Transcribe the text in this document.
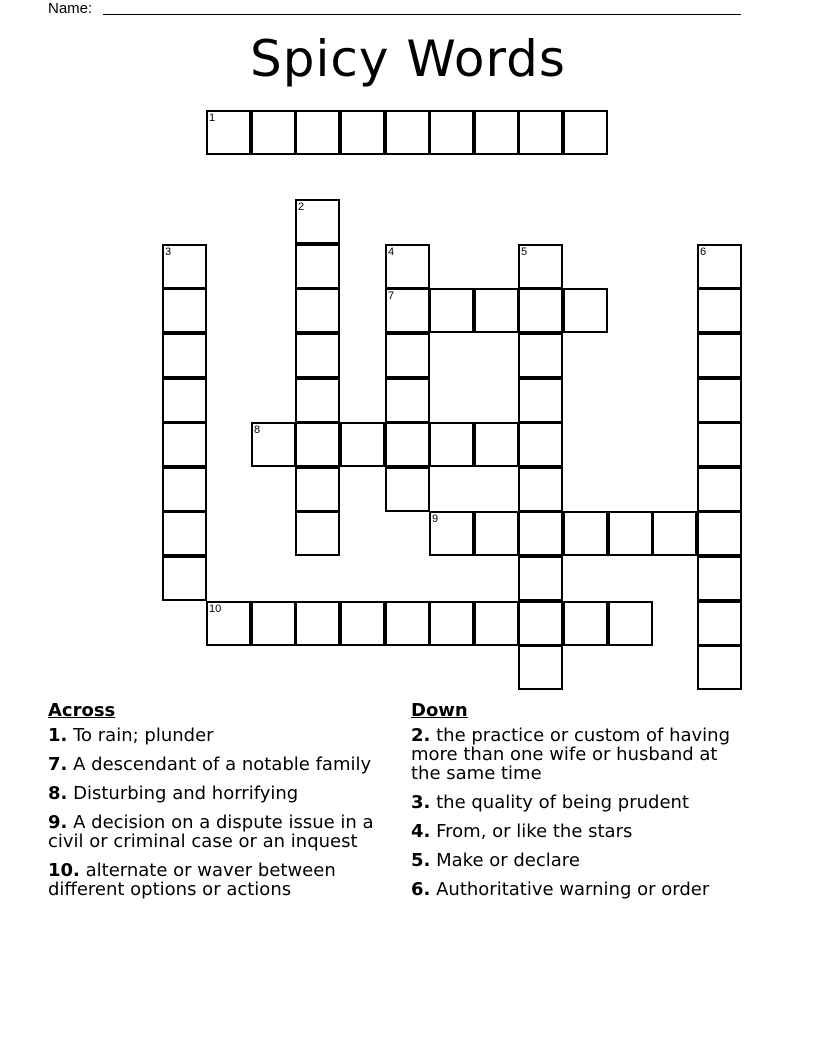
Name:
Spicy Words
1
2
3	4
7
5	6
8
9
10
Across
1. To rain; plunder
7. A descendant of a notable family
8. Disturbing and horrifying
9. A decision on a dispute issue in a civil or criminal case or an inquest
10. alternate or waver between different options or actions
Down
2. the practice or custom of having more than one wife or husband at the same time
3. the quality of being prudent
4. From, or like the stars
5. Make or declare
6. Authoritative warning or order
